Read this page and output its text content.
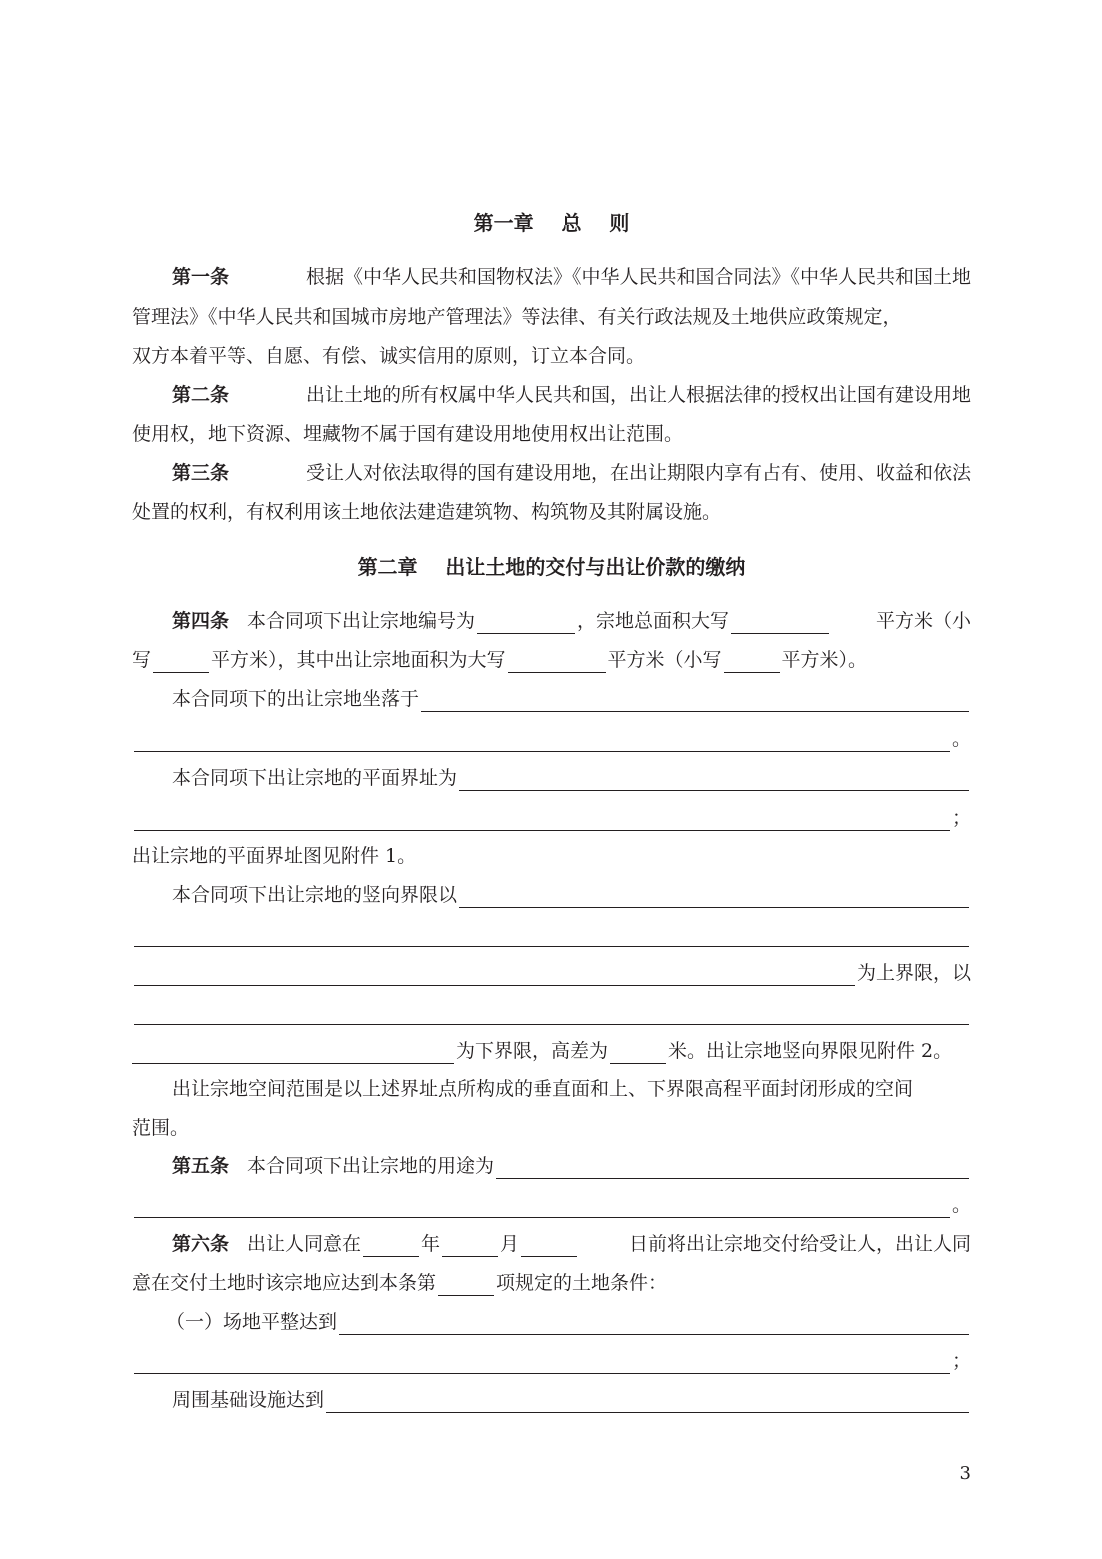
第一章    总    则
第一条	根据《中华人民共和国物权法》《中华人民共和国合同法》《中华人民共和国土地
管理法》《中华人民共和国城市房地产管理法》等法律、有关行政法规及土地供应政策规定，
双方本着平等、自愿、有偿、诚实信用的原则，订立本合同。
第二条	出让土地的所有权属中华人民共和国，出让人根据法律的授权出让国有建设用地
使用权，地下资源、埋藏物不属于国有建设用地使用权出让范围。
第三条	受让人对依法取得的国有建设用地，在出让期限内享有占有、使用、收益和依法
处置的权利，有权利用该土地依法建造建筑物、构筑物及其附属设施。
第二章    出让土地的交付与出让价款的缴纳
第四条 本合同项下出让宗地编号为	，宗地总面积大写	平方米（小
写	平方米），其中出让宗地面积为大写	平方米（小写	平方米）。
本合同项下的出让宗地坐落于
。
本合同项下出让宗地的平面界址为
；
出让宗地的平面界址图见附件 1。
本合同项下出让宗地的竖向界限以
为上界限，以
为下界限，高差为	米。出让宗地竖向界限见附件 2。
出让宗地空间范围是以上述界址点所构成的垂直面和上、下界限高程平面封闭形成的空间
范围。
第五条 本合同项下出让宗地的用途为
。
第六条 出让人同意在	年	月	日前将出让宗地交付给受让人，出让人同
意在交付土地时该宗地应达到本条第	项规定的土地条件：
（一）场地平整达到
；
周围基础设施达到
3
